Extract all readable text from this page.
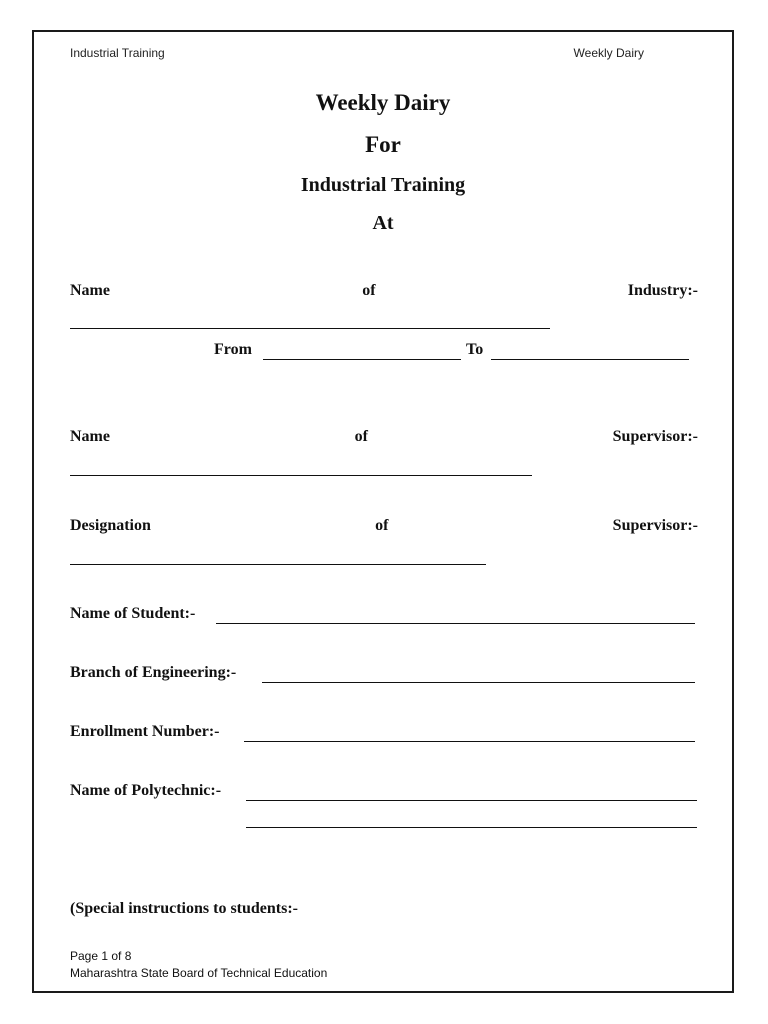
Industrial Training	Weekly Dairy
Weekly Dairy
For
Industrial Training
At
Name	of	Industry:-
From	To
Name	of	Supervisor:-
Designation	of	Supervisor:-
Name of Student:-
Branch of Engineering:-
Enrollment Number:-
Name of Polytechnic:-
(Special instructions to students:-
Page 1 of 8
Maharashtra State Board of Technical Education
